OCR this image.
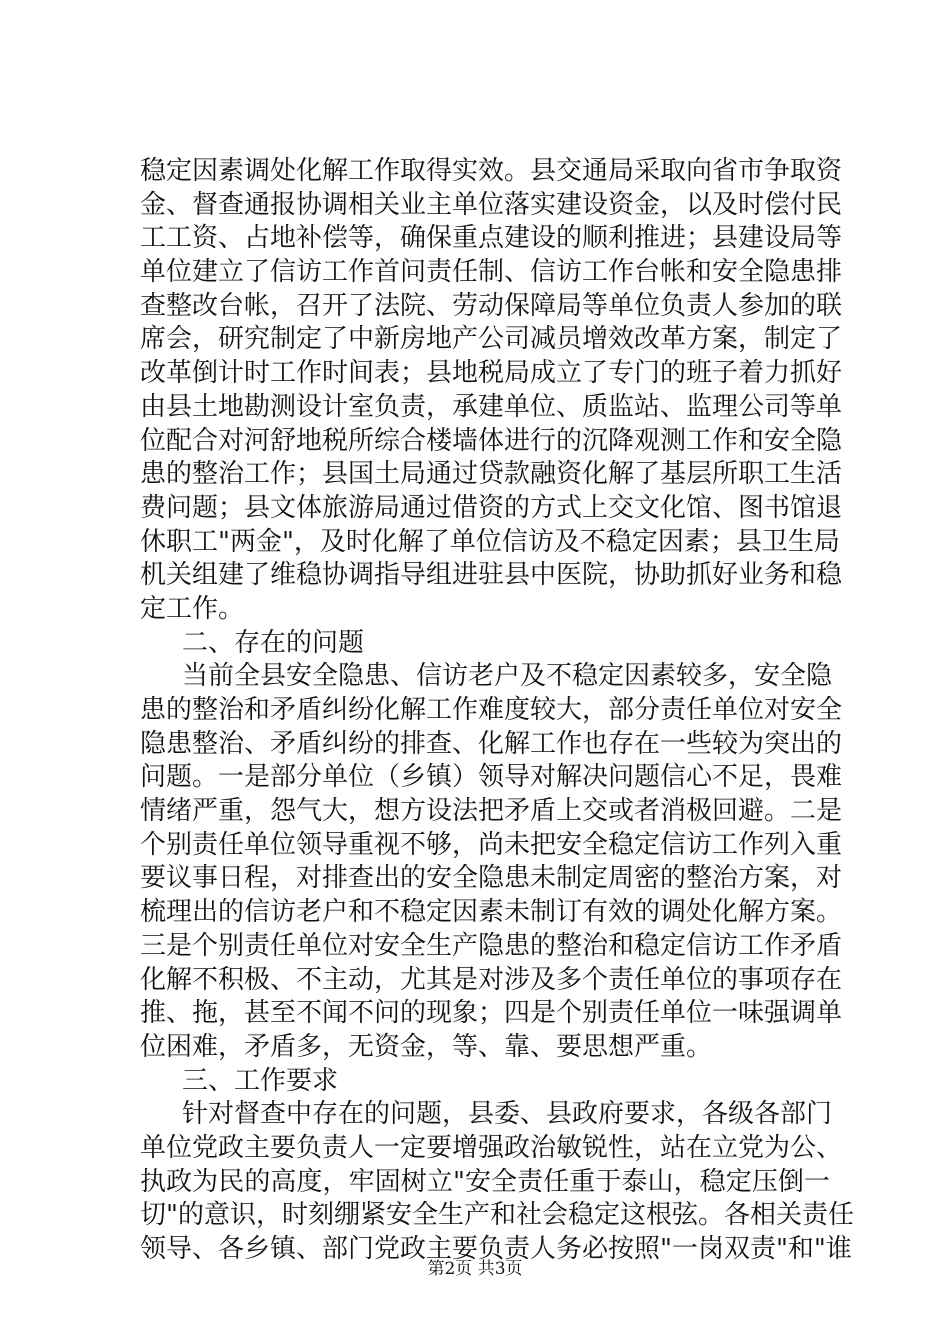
稳定因素调处化解工作取得实效。县交通局采取向省市争取资
金、督查通报协调相关业主单位落实建设资金，以及时偿付民
工工资、占地补偿等，确保重点建设的顺利推进；县建设局等
单位建立了信访工作首问责任制、信访工作台帐和安全隐患排
查整改台帐，召开了法院、劳动保障局等单位负责人参加的联
席会，研究制定了中新房地产公司减员增效改革方案，制定了
改革倒计时工作时间表；县地税局成立了专门的班子着力抓好
由县土地勘测设计室负责，承建单位、质监站、监理公司等单
位配合对河舒地税所综合楼墙体进行的沉降观测工作和安全隐
患的整治工作；县国土局通过贷款融资化解了基层所职工生活
费问题；县文体旅游局通过借资的方式上交文化馆、图书馆退
休职工"两金"，及时化解了单位信访及不稳定因素；县卫生局
机关组建了维稳协调指导组进驻县中医院，协助抓好业务和稳
定工作。
二、存在的问题
当前全县安全隐患、信访老户及不稳定因素较多，安全隐
患的整治和矛盾纠纷化解工作难度较大，部分责任单位对安全
隐患整治、矛盾纠纷的排查、化解工作也存在一些较为突出的
问题。一是部分单位（乡镇）领导对解决问题信心不足，畏难
情绪严重，怨气大，想方设法把矛盾上交或者消极回避。二是
个别责任单位领导重视不够，尚未把安全稳定信访工作列入重
要议事日程，对排查出的安全隐患未制定周密的整治方案，对
梳理出的信访老户和不稳定因素未制订有效的调处化解方案。
三是个别责任单位对安全生产隐患的整治和稳定信访工作矛盾
化解不积极、不主动，尤其是对涉及多个责任单位的事项存在
推、拖，甚至不闻不问的现象；四是个别责任单位一味强调单
位困难，矛盾多，无资金，等、靠、要思想严重。
三、工作要求
针对督查中存在的问题，县委、县政府要求，各级各部门
单位党政主要负责人一定要增强政治敏锐性，站在立党为公、
执政为民的高度，牢固树立"安全责任重于泰山，稳定压倒一
切"的意识，时刻绷紧安全生产和社会稳定这根弦。各相关责任
领导、各乡镇、部门党政主要负责人务必按照"一岗双责"和"谁
第2页 共3页
